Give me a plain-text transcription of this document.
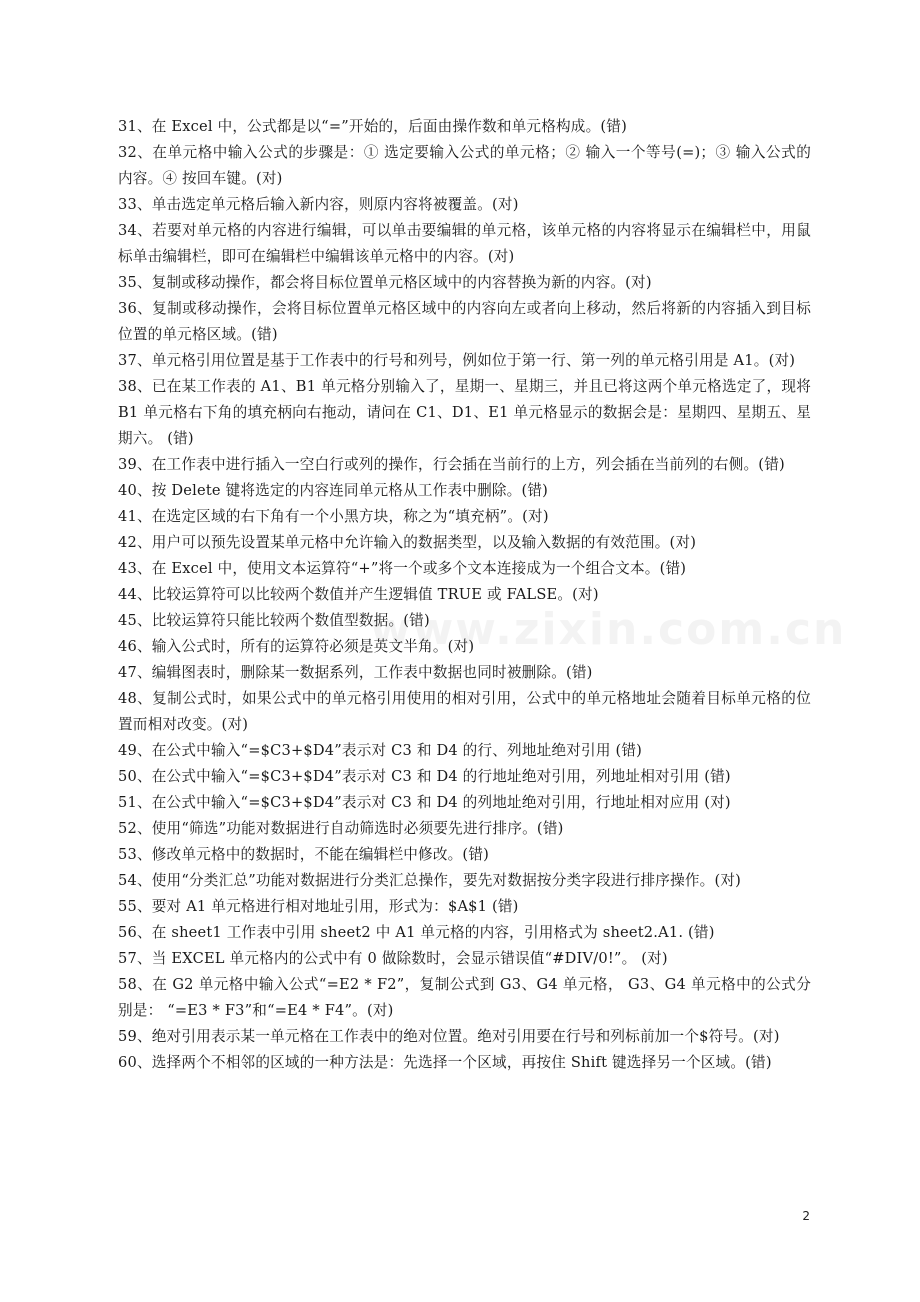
www.zixin.com.cn

31、在 Excel 中，公式都是以“=”开始的，后面由操作数和单元格构成。(错)

32、在单元格中输入公式的步骤是：① 选定要输入公式的单元格；② 输入一个等号(=)；③ 输入公式的内容。④ 按回车键。(对)

33、单击选定单元格后输入新内容，则原内容将被覆盖。(对)

34、若要对单元格的内容进行编辑，可以单击要编辑的单元格，该单元格的内容将显示在编辑栏中，用鼠标单击编辑栏，即可在编辑栏中编辑该单元格中的内容。(对)

35、复制或移动操作，都会将目标位置单元格区域中的内容替换为新的内容。(对)

36、复制或移动操作，会将目标位置单元格区域中的内容向左或者向上移动，然后将新的内容插入到目标位置的单元格区域。(错)

37、单元格引用位置是基于工作表中的行号和列号，例如位于第一行、第一列的单元格引用是 A1。(对)

38、已在某工作表的 A1、B1 单元格分别输入了，星期一、星期三，并且已将这两个单元格选定了，现将 B1 单元格右下角的填充柄向右拖动，请问在 C1、D1、E1 单元格显示的数据会是：星期四、星期五、星期六。 (错)

39、在工作表中进行插入一空白行或列的操作，行会插在当前行的上方，列会插在当前列的右侧。(错)

40、按 Delete 键将选定的内容连同单元格从工作表中删除。(错)

41、在选定区域的右下角有一个小黑方块，称之为“填充柄”。(对)

42、用户可以预先设置某单元格中允许输入的数据类型，以及输入数据的有效范围。(对)

43、在 Excel 中，使用文本运算符“+”将一个或多个文本连接成为一个组合文本。(错)

44、比较运算符可以比较两个数值并产生逻辑值 TRUE 或 FALSE。(对)

45、比较运算符只能比较两个数值型数据。(错)

46、输入公式时，所有的运算符必须是英文半角。(对)

47、编辑图表时，删除某一数据系列，工作表中数据也同时被删除。(错)

48、复制公式时，如果公式中的单元格引用使用的相对引用，公式中的单元格地址会随着目标单元格的位置而相对改变。(对)

49、在公式中输入“=$C3+$D4”表示对 C3 和 D4 的行、列地址绝对引用 (错)

50、在公式中输入“=$C3+$D4”表示对 C3 和 D4 的行地址绝对引用，列地址相对引用 (错)

51、在公式中输入“=$C3+$D4”表示对 C3 和 D4 的列地址绝对引用，行地址相对应用 (对)

52、使用“筛选”功能对数据进行自动筛选时必须要先进行排序。(错)

53、修改单元格中的数据时，不能在编辑栏中修改。(错)

54、使用“分类汇总”功能对数据进行分类汇总操作，要先对数据按分类字段进行排序操作。(对)

55、要对 A1 单元格进行相对地址引用，形式为：$A$1 (错)

56、在 sheet1 工作表中引用 sheet2 中 A1 单元格的内容，引用格式为 sheet2.A1. (错)

57、当 EXCEL 单元格内的公式中有 0 做除数时，会显示错误值“#DIV/0!”。 (对)

58、在 G2 单元格中输入公式“=E2 * F2”，复制公式到 G3、G4 单元格， G3、G4 单元格中的公式分别是： “=E3 * F3”和“=E4 * F4”。(对)

59、绝对引用表示某一单元格在工作表中的绝对位置。绝对引用要在行号和列标前加一个$符号。(对)

60、选择两个不相邻的区域的一种方法是：先选择一个区域，再按住 Shift 键选择另一个区域。(错)

2
